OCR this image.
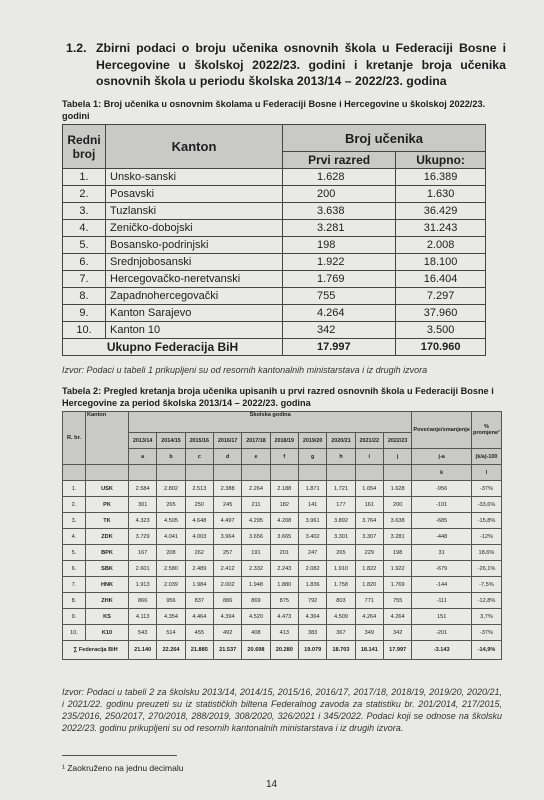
1.2. Zbirni podaci o broju učenika osnovnih škola u Federaciji Bosne i Hercegovine u školskoj 2022/23. godini i kretanje broja učenika osnovnih škola u periodu školska 2013/14 – 2022/23. godina
Tabela 1: Broj učenika u osnovnim školama u Federaciji Bosne i Hercegovine u školskoj 2022/23. godini
Redni broj	Kanton	Broj učenika	
		Prvi razred	Ukupno:
1.	Unsko-sanski	1.628	16.389
2.	Posavski	200	1.630
3.	Tuzlanski	3.638	36.429
4.	Zeničko-dobojski	3.281	31.243
5.	Bosansko-podrinjski	198	2.008
6.	Srednjobosanski	1.922	18.100
7.	Hercegovačko-neretvanski	1.769	16.404
8.	Zapadnohercegovački	755	7.297
9.	Kanton Sarajevo	4.264	37.960
10.	Kanton 10	342	3.500
Ukupno Federacija BiH		17.997	170.960
Izvor: Podaci u tabeli 1 prikupljeni su od resornih kantonalnih ministarstava i iz drugih izvora
Tabela 2: Pregled kretanja broja učenika upisanih u prvi razred osnovnih škola u Federaciji Bosne i Hercegovine za period školska 2013/14 – 2022/23. godina
R. br.	Kanton	Školska godina										Povećanje/smanjenje	% promjene¹
		2013/14	2014/15	2015/16	2016/17	2017/18	2018/19	2019/20	2020/21	2021/22	2022/23		
		a	b	c	d	e	f	g	h	i	j	j-a	(k/a)-100
												k	l
1.	USK	2.584	2.802	2.513	2.388	2.264	2.188	1.871	1.721	1.654	1.628	-956	-37%
2.	PK	301	265	250	245	211	182	141	177	161	200	-101	-33,6%
3.	TK	4.323	4.505	4.648	4.497	4.295	4.208	3.961	3.892	3.764	3.638	-685	-15,8%
4.	ZDK	3.729	4.041	4.003	3.964	3.656	3.665	3.402	3.301	3.307	3.281	-448	-12%
5.	BPK	167	208	262	257	191	201	247	265	229	198	31	18,6%
6.	SBK	2.601	2.580	2.489	2.412	2.332	2.243	2.082	1.910	1.822	1.922	-679	-26,1%
7.	HNK	1.913	2.039	1.984	2.002	1.948	1.880	1.836	1.758	1.820	1.769	-144	-7,5%
8.	ZHK	866	956	837	886	869	875	792	803	771	755	-111	-12,8%
9.	KS	4.113	4.354	4.464	4.394	4.520	4.473	4.364	4.509	4.264	4.264	151	3,7%
10.	K10	543	514	455	492	408	413	383	367	349	342	-201	-37%
∑ Federacija BiH		21.140	22.264	21.885	21.537	20.698	20.280	19.079	18.703	18.141	17.997	-3.143	-14,9%
Izvor: Podaci u tabeli 2 za školsku 2013/14, 2014/15, 2015/16, 2016/17, 2017/18, 2018/19, 2019/20, 2020/21, i 2021/22. godinu preuzeti su iz statističkih biltena Federalnog zavoda za statistiku br. 201/2014, 217/2015, 235/2016, 250/2017, 270/2018, 288/2019, 308/2020, 326/2021 i 345/2022. Podaci koji se odnose na školsku 2022/23. godinu prikupljeni su od resornih kantonalnih ministarstava i iz drugih izvora.
¹ Zaokruženo na jednu decimalu
14
